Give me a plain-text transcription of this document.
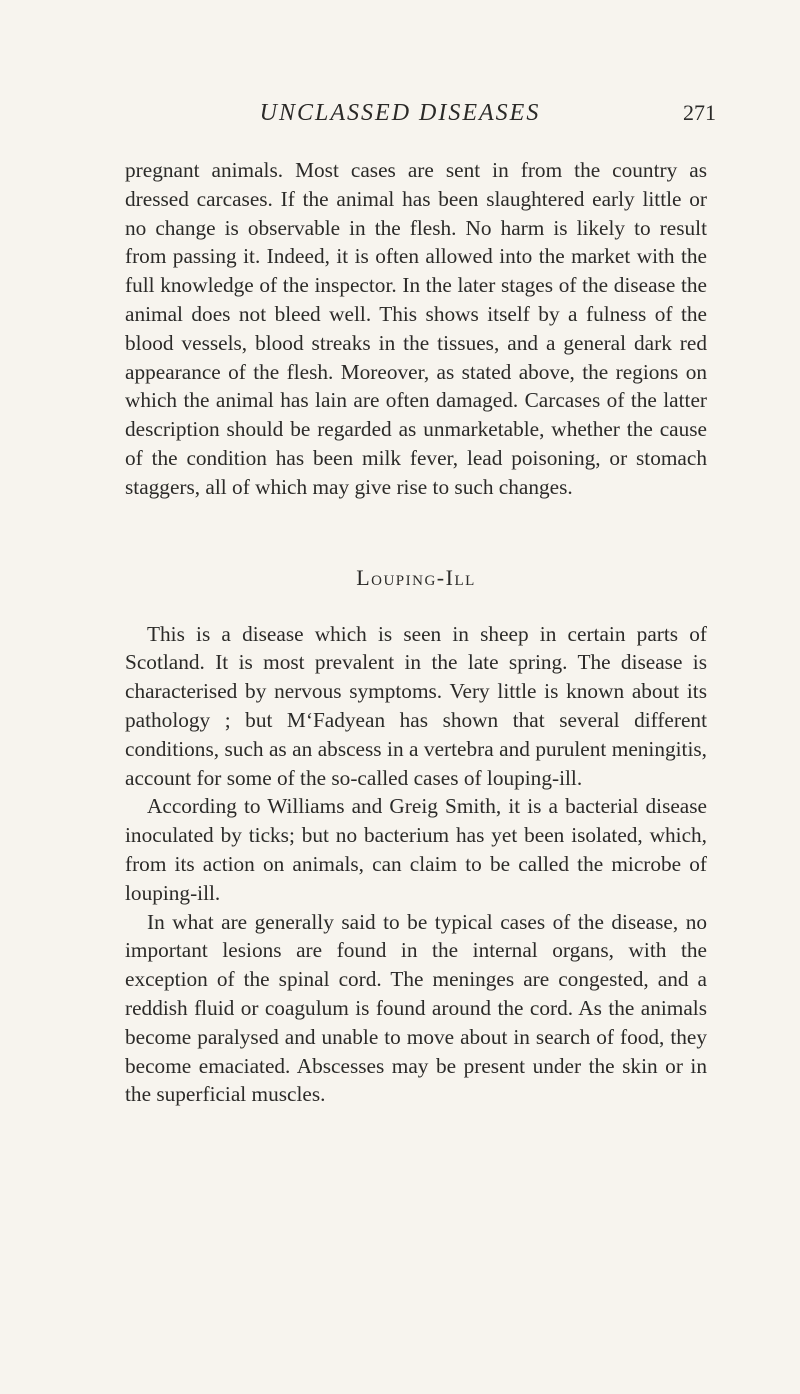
UNCLASSED DISEASES	271

pregnant animals. Most cases are sent in from the country as dressed carcases. If the animal has been slaughtered early little or no change is observable in the flesh. No harm is likely to result from passing it. Indeed, it is often allowed into the market with the full knowledge of the inspector. In the later stages of the disease the animal does not bleed well. This shows itself by a fulness of the blood vessels, blood streaks in the tissues, and a general dark red appearance of the flesh. Moreover, as stated above, the regions on which the animal has lain are often damaged. Carcases of the latter description should be regarded as unmarketable, whether the cause of the condition has been milk fever, lead poisoning, or stomach staggers, all of which may give rise to such changes.

Louping-Ill

This is a disease which is seen in sheep in certain parts of Scotland. It is most prevalent in the late spring. The disease is characterised by nervous symptoms. Very little is known about its pathology ; but M‘Fadyean has shown that several different conditions, such as an abscess in a vertebra and purulent meningitis, account for some of the so-called cases of louping-ill.

According to Williams and Greig Smith, it is a bacterial disease inoculated by ticks; but no bacterium has yet been isolated, which, from its action on animals, can claim to be called the microbe of louping-ill.

In what are generally said to be typical cases of the disease, no important lesions are found in the internal organs, with the exception of the spinal cord. The meninges are congested, and a reddish fluid or coagulum is found around the cord. As the animals become paralysed and unable to move about in search of food, they become emaciated. Abscesses may be present under the skin or in the superficial muscles.
